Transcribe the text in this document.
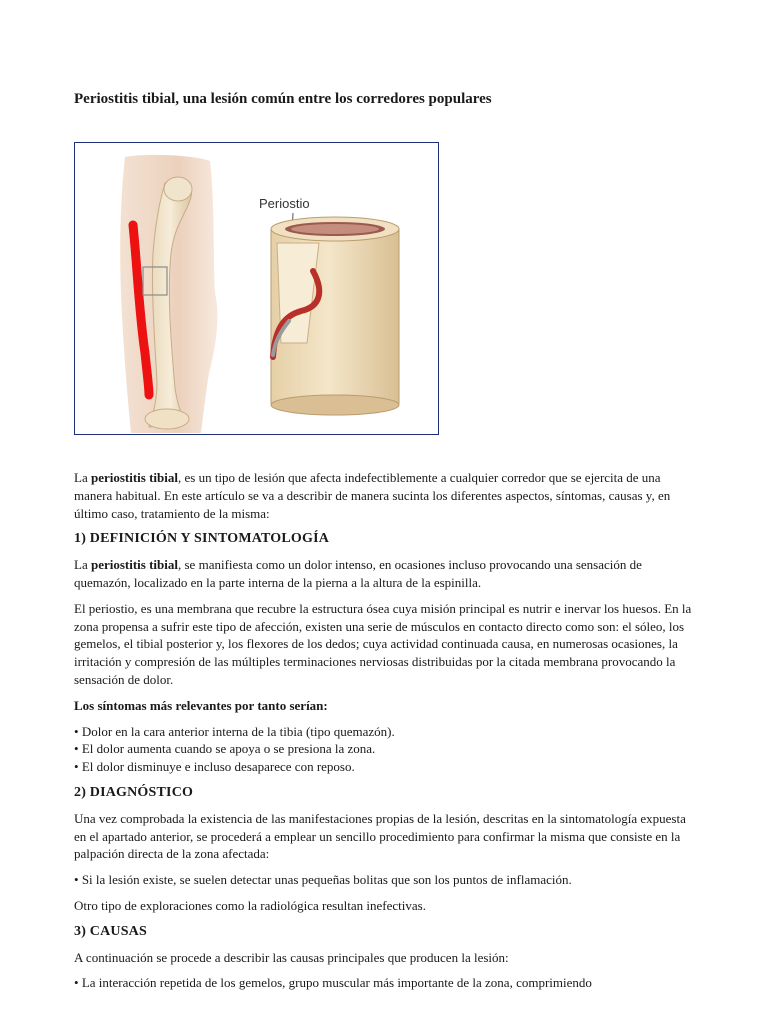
Periostitis tibial, una lesión común entre los corredores populares
Periostio

La periostitis tibial, es un tipo de lesión que afecta indefectiblemente a cualquier corredor que se ejercita de una manera habitual. En este artículo se va a describir de manera sucinta los diferentes aspectos, síntomas, causas y, en último caso, tratamiento de la misma:

1) DEFINICIÓN Y SINTOMATOLOGÍA

La periostitis tibial, se manifiesta como un dolor intenso, en ocasiones incluso provocando una sensación de quemazón, localizado en la parte interna de la pierna a la altura de la espinilla.

El periostio, es una membrana que recubre la estructura ósea cuya misión principal es nutrir e inervar los huesos. En la zona propensa a sufrir este tipo de afección, existen una serie de músculos en contacto directo como son: el sóleo, los gemelos, el tibial posterior y, los flexores de los dedos; cuya actividad continuada causa, en numerosas ocasiones, la irritación y compresión de las múltiples terminaciones nerviosas distribuidas por la citada membrana provocando la sensación de dolor.

Los síntomas más relevantes por tanto serían:

• Dolor en la cara anterior interna de la tibia (tipo quemazón).
• El dolor aumenta cuando se apoya o se presiona la zona.
• El dolor disminuye e incluso desaparece con reposo.

2) DIAGNÓSTICO

Una vez comprobada la existencia de las manifestaciones propias de la lesión, descritas en la sintomatología expuesta en el apartado anterior, se procederá a emplear un sencillo procedimiento para confirmar la misma que consiste en la palpación directa de la zona afectada:

• Si la lesión existe, se suelen detectar unas pequeñas bolitas que son los puntos de inflamación.

Otro tipo de exploraciones como la radiológica resultan inefectivas.

3) CAUSAS

A continuación se procede a describir las causas principales que producen la lesión:

• La interacción repetida de los gemelos, grupo muscular más importante de la zona, comprimiendo
